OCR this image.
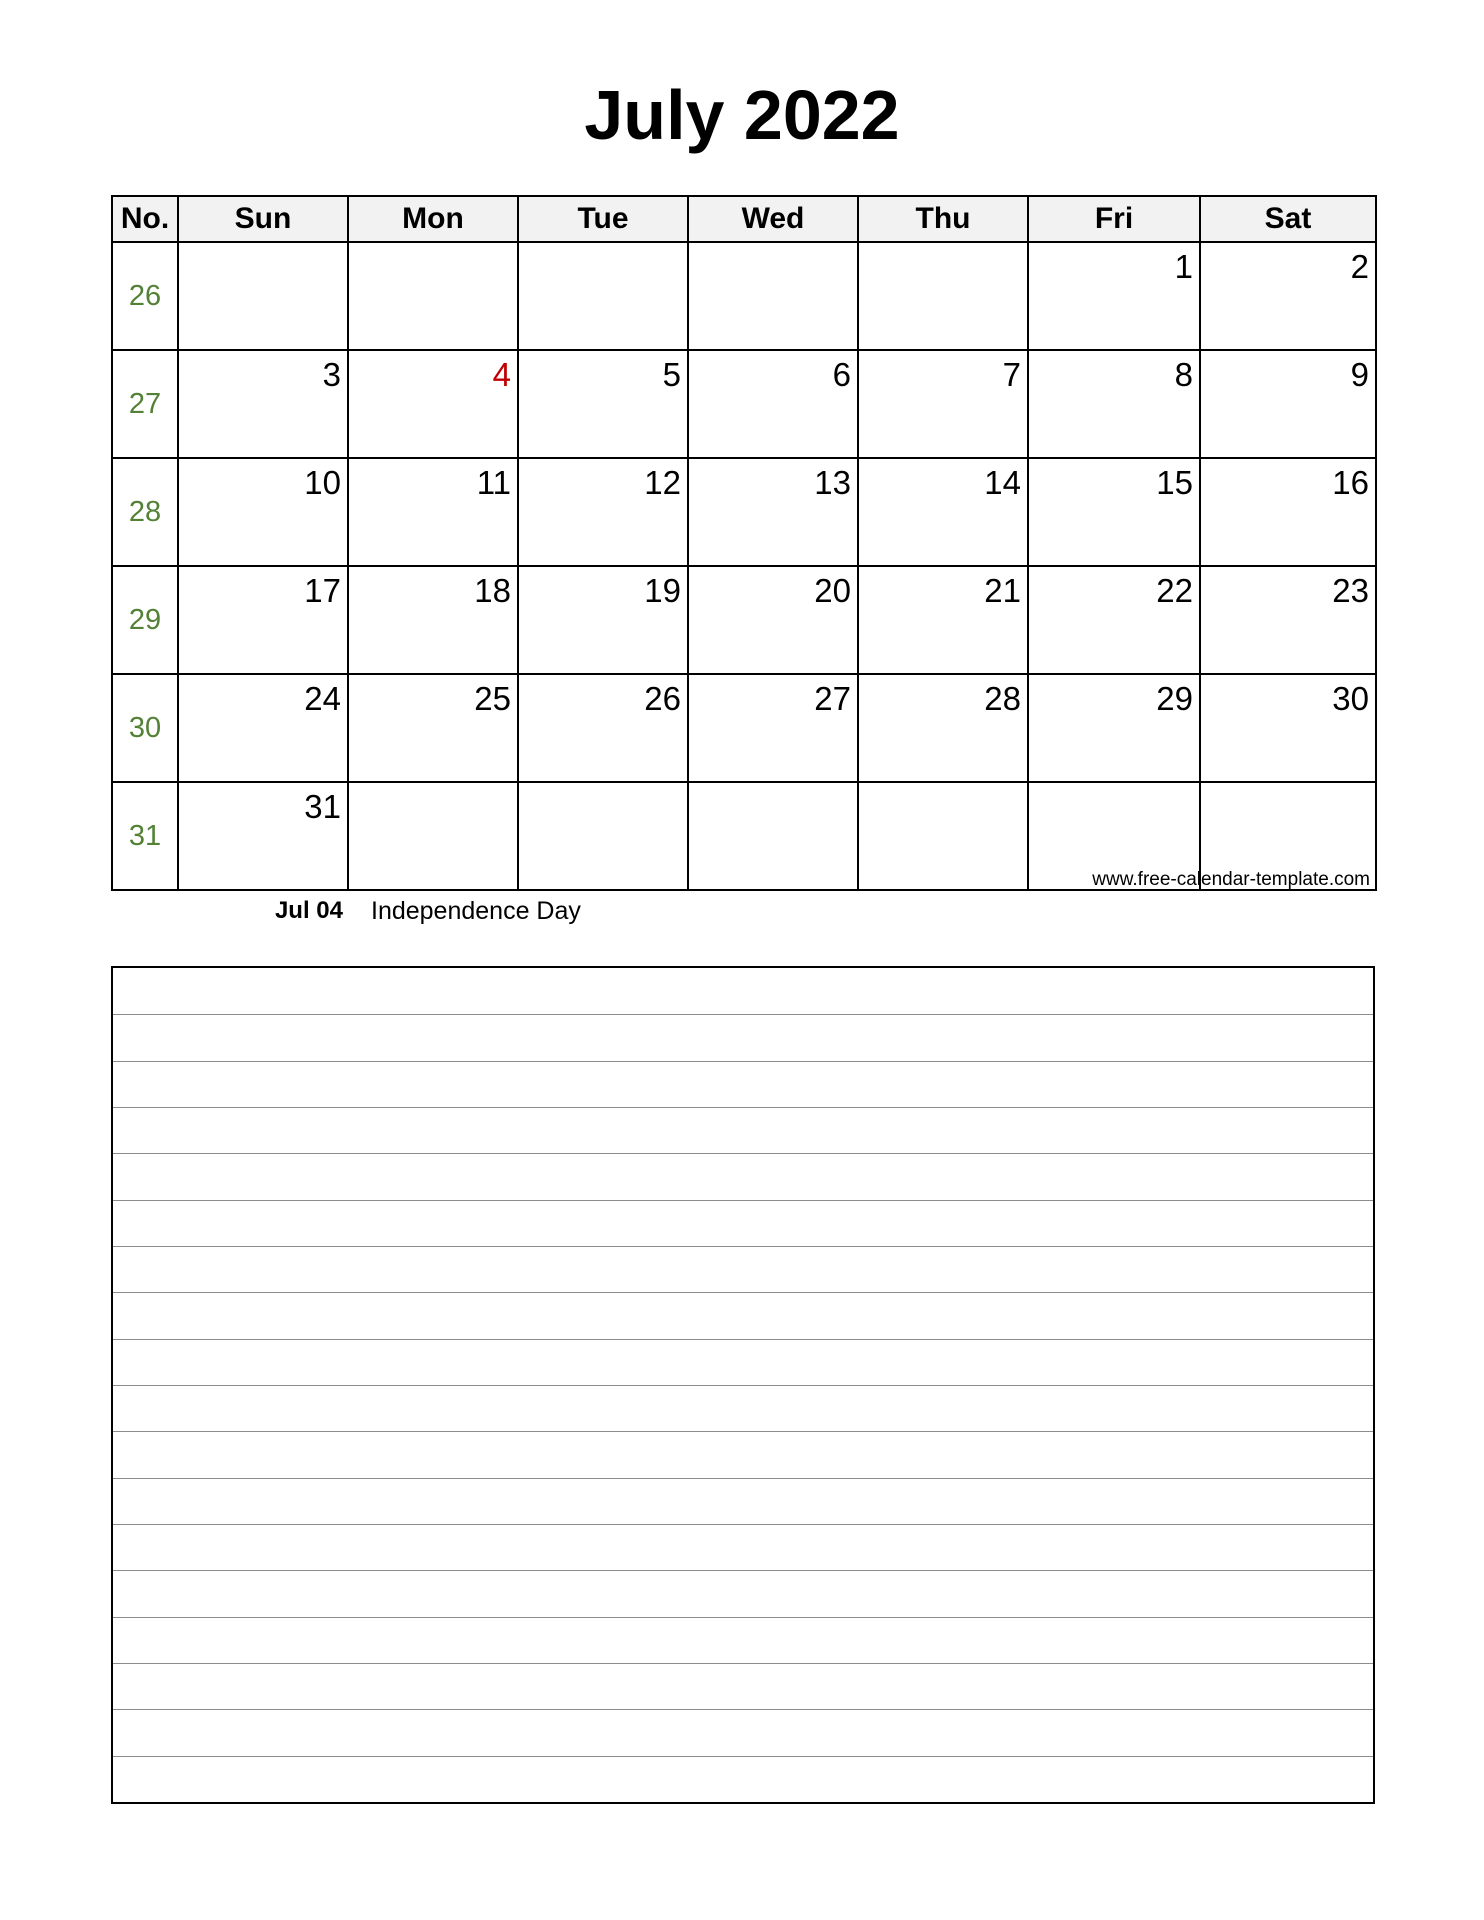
July 2022
No.	Sun	Mon	Tue	Wed	Thu	Fri	Sat
26						1	2
27	3	4	5	6	7	8	9
28	10	11	12	13	14	15	16
29	17	18	19	20	21	22	23
30	24	25	26	27	28	29	30
31	31						
www.free-calendar-template.com
Jul 04 Independence Day
